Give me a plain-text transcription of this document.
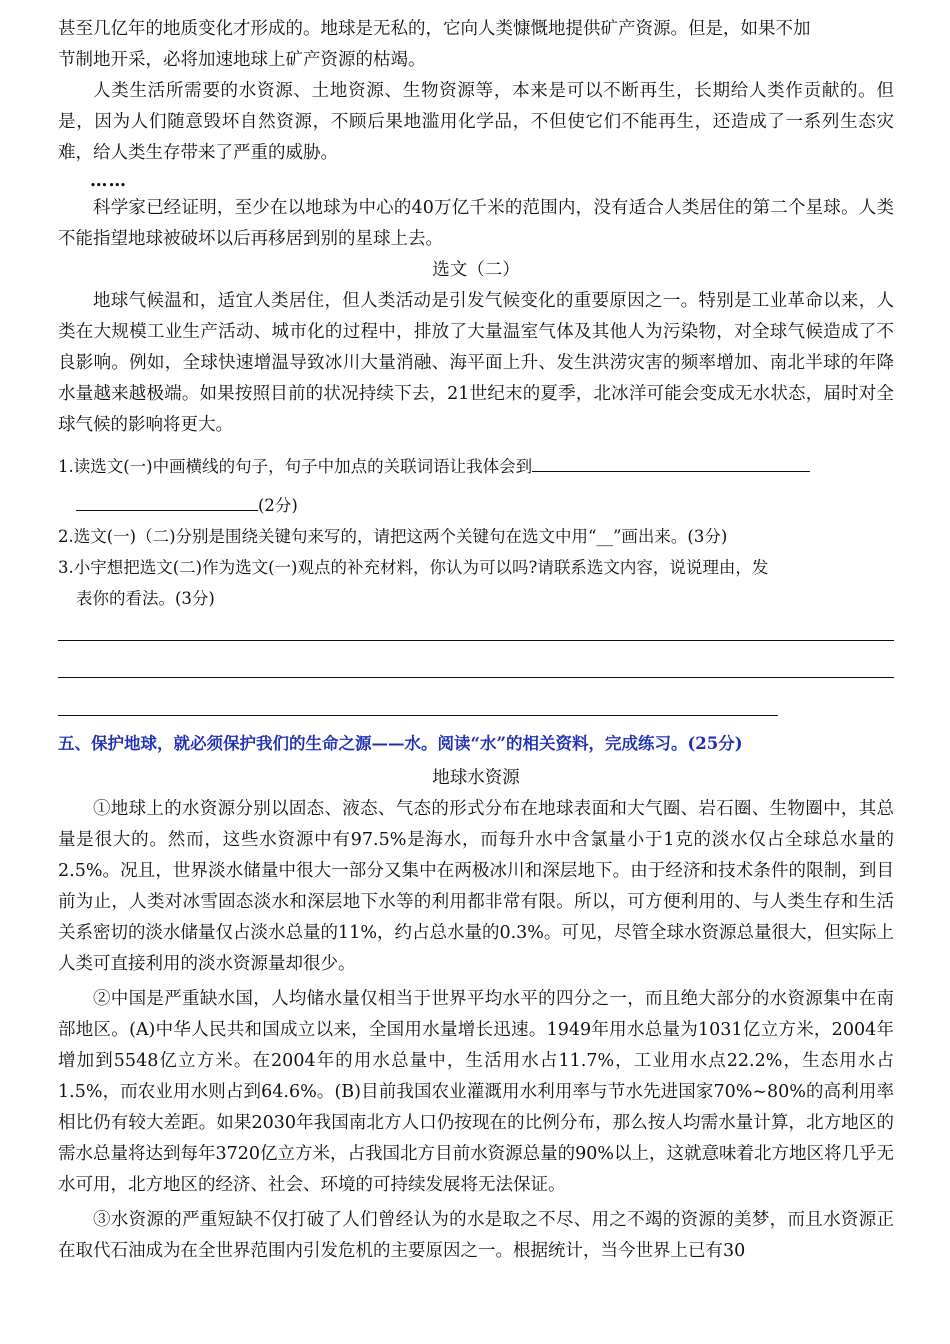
甚至几亿年的地质变化才形成的。地球是无私的，它向人类慷慨地提供矿产资源。但是，如果不加

节制地开采，必将加速地球上矿产资源的枯竭。

人类生活所需要的水资源、土地资源、生物资源等，本来是可以不断再生，长期给人类作贡献的。但是，因为人们随意毁坏自然资源，不顾后果地滥用化学品，不但使它们不能再生，还造成了一系列生态灾难，给人类生存带来了严重的威胁。

……

科学家已经证明，至少在以地球为中心的40万亿千米的范围内，没有适合人类居住的第二个星球。人类不能指望地球被破坏以后再移居到别的星球上去。

选文（二）

地球气候温和，适宜人类居住，但人类活动是引发气候变化的重要原因之一。特别是工业革命以来，人类在大规模工业生产活动、城市化的过程中，排放了大量温室气体及其他人为污染物，对全球气候造成了不良影响。例如，全球快速增温导致冰川大量消融、海平面上升、发生洪涝灾害的频率增加、南北半球的年降水量越来越极端。如果按照目前的状况持续下去，21世纪末的夏季，北冰洋可能会变成无水状态，届时对全球气候的影响将更大。

1.读选文(一)中画横线的句子，句子中加点的关联词语让我体会到

(2分)

2.选文(一)（二)分别是围绕关键句来写的，请把这两个关键句在选文中用“__”画出来。(3分)

3.小宇想把选文(二)作为选文(一)观点的补充材料，你认为可以吗?请联系选文内容，说说理由，发

表你的看法。(3分)

五、保护地球，就必须保护我们的生命之源——水。阅读“水”的相关资料，完成练习。(25分)

地球水资源

①地球上的水资源分别以固态、液态、气态的形式分布在地球表面和大气圈、岩石圈、生物圈中，其总量是很大的。然而，这些水资源中有97.5%是海水，而每升水中含氯量小于1克的淡水仅占全球总水量的2.5%。况且，世界淡水储量中很大一部分又集中在两极冰川和深层地下。由于经济和技术条件的限制，到目前为止，人类对冰雪固态淡水和深层地下水等的利用都非常有限。所以，可方便利用的、与人类生存和生活关系密切的淡水储量仅占淡水总量的11%，约占总水量的0.3%。可见，尽管全球水资源总量很大，但实际上人类可直接利用的淡水资源量却很少。

②中国是严重缺水国，人均储水量仅相当于世界平均水平的四分之一，而且绝大部分的水资源集中在南部地区。(A)中华人民共和国成立以来，全国用水量增长迅速。1949年用水总量为1031亿立方米，2004年增加到5548亿立方米。在2004年的用水总量中，生活用水占11.7%，工业用水点22.2%，生态用水占1.5%，而农业用水则占到64.6%。(B)目前我国农业灌溉用水利用率与节水先进国家70%~80%的高利用率相比仍有较大差距。如果2030年我国南北方人口仍按现在的比例分布，那么按人均需水量计算，北方地区的需水总量将达到每年3720亿立方米，占我国北方目前水资源总量的90%以上，这就意味着北方地区将几乎无水可用，北方地区的经济、社会、环境的可持续发展将无法保证。

③水资源的严重短缺不仅打破了人们曾经认为的水是取之不尽、用之不竭的资源的美梦，而且水资源正在取代石油成为在全世界范围内引发危机的主要原因之一。根据统计，当今世界上已有30
